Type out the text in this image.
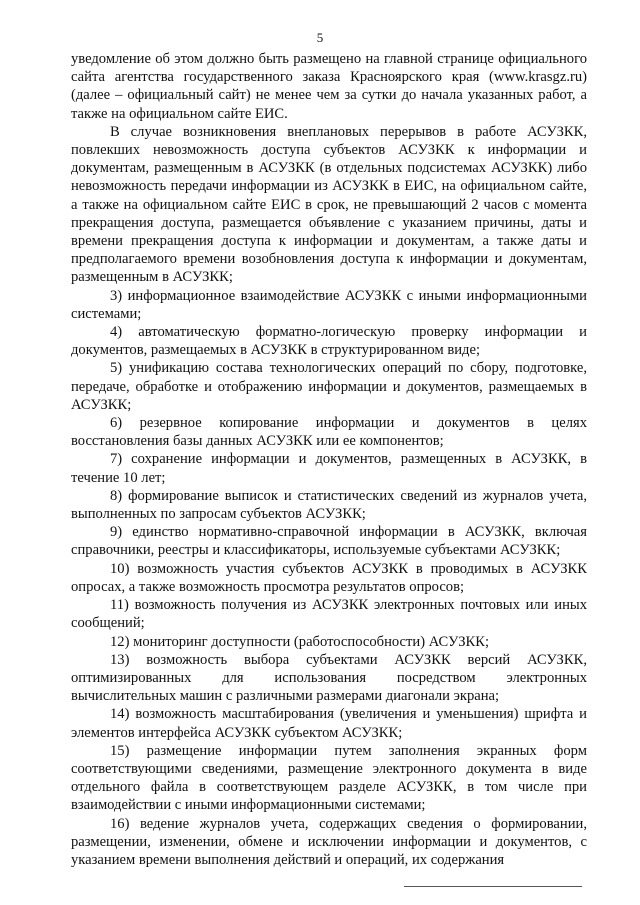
5

уведомление об этом должно быть размещено на главной странице официального сайта агентства государственного заказа Красноярского края (www.krasgz.ru) (далее – официальный сайт) не менее чем за сутки до начала указанных работ, а также на официальном сайте ЕИС.

В случае возникновения внеплановых перерывов в работе АСУЗКК, повлекших невозможность доступа субъектов АСУЗКК к информации и документам, размещенным в АСУЗКК (в отдельных подсистемах АСУЗКК) либо невозможность передачи информации из АСУЗКК в ЕИС, на официальном сайте, а также на официальном сайте ЕИС в срок, не превышающий 2 часов с момента прекращения доступа, размещается объявление с указанием причины, даты и времени прекращения доступа к информации и документам, а также даты и предполагаемого времени возобновления доступа к информации и документам, размещенным в АСУЗКК;

3) информационное взаимодействие АСУЗКК с иными информационными системами;

4) автоматическую форматно-логическую проверку информации и документов, размещаемых в АСУЗКК в структурированном виде;

5) унификацию состава технологических операций по сбору, подготовке, передаче, обработке и отображению информации и документов, размещаемых в АСУЗКК;

6) резервное копирование информации и документов в целях восстановления базы данных АСУЗКК или ее компонентов;

7) сохранение информации и документов, размещенных в АСУЗКК, в течение 10 лет;

8) формирование выписок и статистических сведений из журналов учета, выполненных по запросам субъектов АСУЗКК;

9) единство нормативно-справочной информации в АСУЗКК, включая справочники, реестры и классификаторы, используемые субъектами АСУЗКК;

10) возможность участия субъектов АСУЗКК в проводимых в АСУЗКК опросах, а также возможность просмотра результатов опросов;

11) возможность получения из АСУЗКК электронных почтовых или иных сообщений;

12) мониторинг доступности (работоспособности) АСУЗКК;

13) возможность выбора субъектами АСУЗКК версий АСУЗКК, оптимизированных для использования посредством электронных вычислительных машин с различными размерами диагонали экрана;

14) возможность масштабирования (увеличения и уменьшения) шрифта и элементов интерфейса АСУЗКК субъектом АСУЗКК;

15) размещение информации путем заполнения экранных форм соответствующими сведениями, размещение электронного документа в виде отдельного файла в соответствующем разделе АСУЗКК, в том числе при взаимодействии с иными информационными системами;

16) ведение журналов учета, содержащих сведения о формировании, размещении, изменении, обмене и исключении информации и документов, с указанием времени выполнения действий и операций, их содержания
